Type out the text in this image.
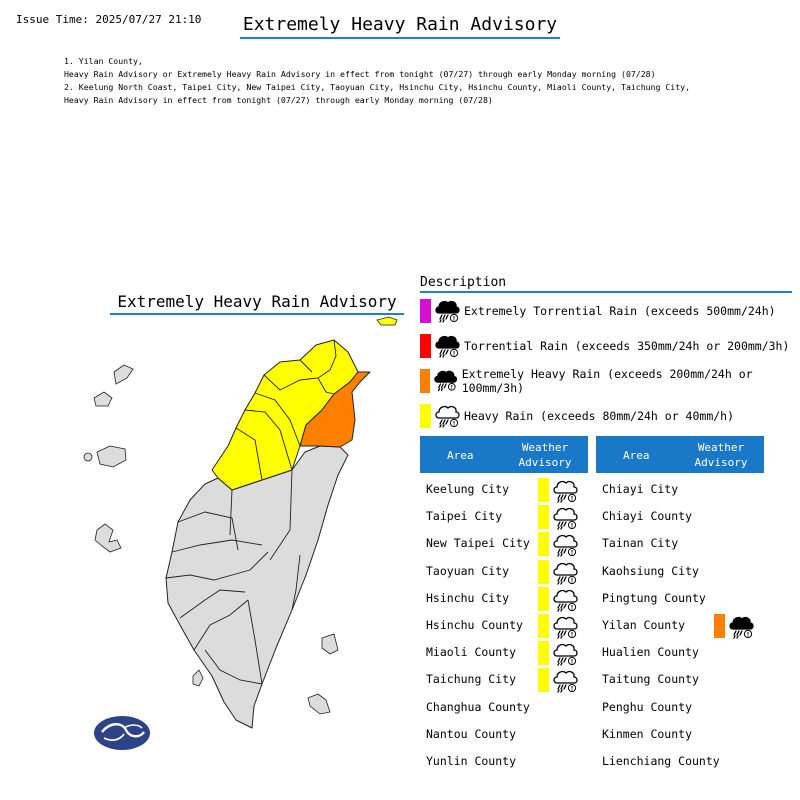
Issue Time: 2025/07/27 21:10 Extremely Heavy Rain Advisory
1. Yilan County,
Heavy Rain Advisory or Extremely Heavy Rain Advisory in effect from tonight (07/27) through early Monday morning (07/28)
2. Keelung North Coast, Taipei City, New Taipei City, Taoyuan City, Hsinchu City, Hsinchu County, Miaoli County, Taichung City,
Heavy Rain Advisory in effect from tonight (07/27) through early Monday morning (07/28)
Extremely Heavy Rain Advisory
Description
Extremely Torrential Rain (exceeds 500mm/24h)
Torrential Rain (exceeds 350mm/24h or 200mm/3h)
Extremely Heavy Rain (exceeds 200mm/24h or 100mm/3h)
Heavy Rain (exceeds 80mm/24h or 40mm/h)
Area
Weather
Advisory
Area
Weather
Advisory
Keelung City
Taipei City
New Taipei City
Taoyuan City
Hsinchu City
Hsinchu County
Miaoli County
Taichung City
Changhua County
Nantou County
Yunlin County
Chiayi City
Chiayi County
Tainan City
Kaohsiung City
Pingtung County
Yilan County
Hualien County
Taitung County
Penghu County
Kinmen County
Lienchiang County
